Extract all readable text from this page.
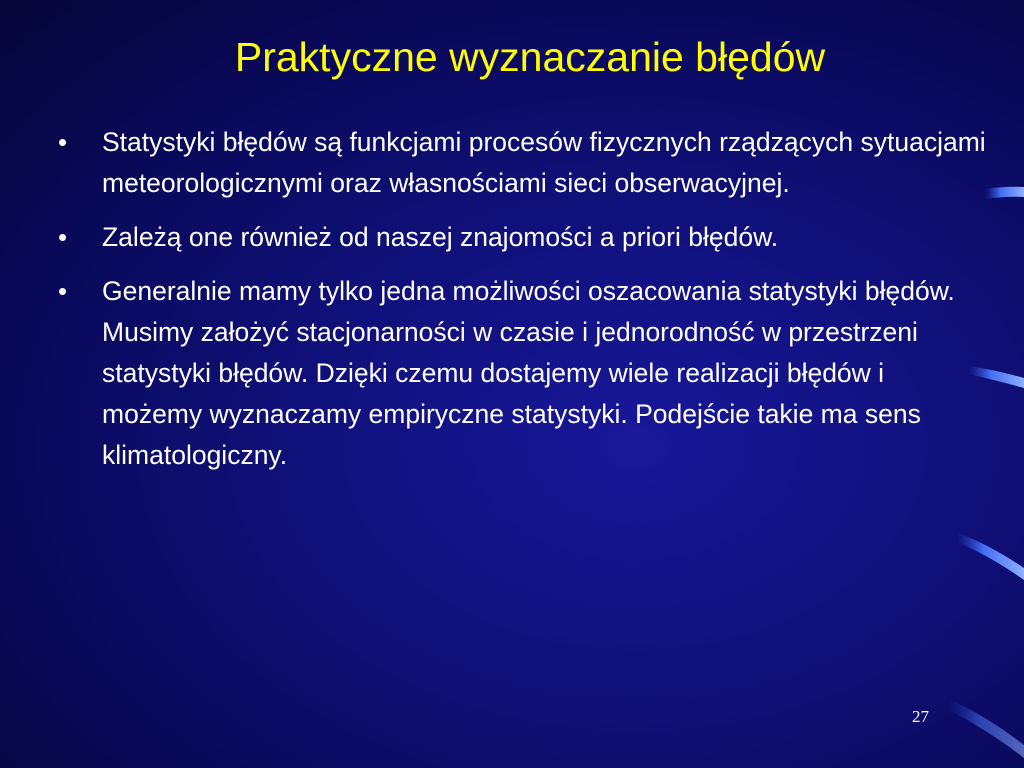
Praktyczne wyznaczanie błędów
• Statystyki błędów są funkcjami procesów fizycznych rządzących sytuacjami meteorologicznymi oraz własnościami sieci obserwacyjnej.
• Zależą one również od naszej znajomości a priori błędów.
• Generalnie mamy tylko jedna możliwości oszacowania statystyki błędów. Musimy założyć stacjonarności w czasie i jednorodność w przestrzeni statystyki błędów. Dzięki czemu dostajemy wiele realizacji błędów i możemy wyznaczamy empiryczne statystyki. Podejście takie ma sens klimatologiczny.
27
